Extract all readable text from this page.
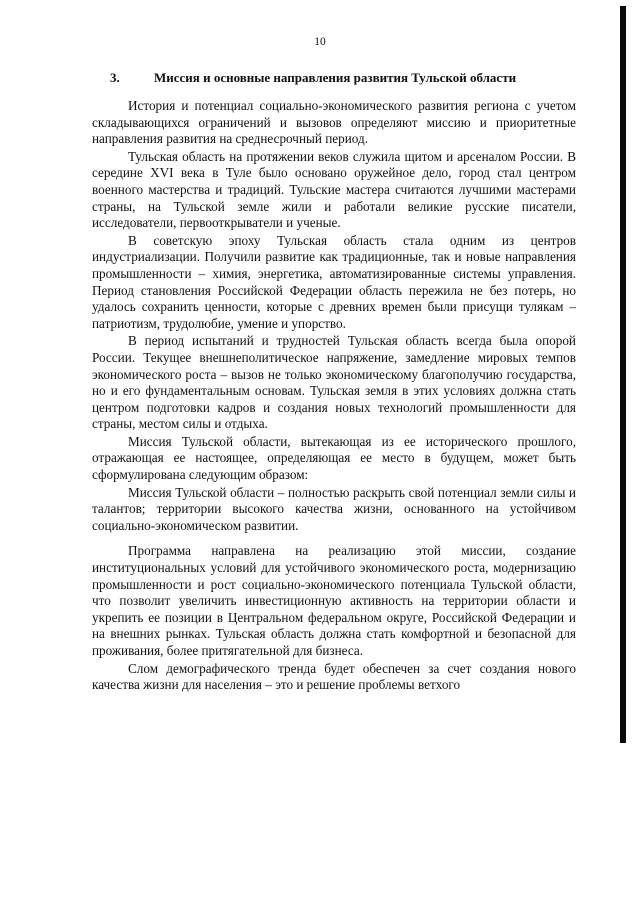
10
3.	Миссия и основные направления развития Тульской области

История и потенциал социально-экономического развития региона с учетом складывающихся ограничений и вызовов определяют миссию и приоритетные направления развития на среднесрочный период.

Тульская область на протяжении веков служила щитом и арсеналом России. В середине XVI века в Туле было основано оружейное дело, город стал центром военного мастерства и традиций. Тульские мастера считаются лучшими мастерами страны, на Тульской земле жили и работали великие русские писатели, исследователи, первооткрыватели и ученые.

В советскую эпоху Тульская область стала одним из центров индустриализации. Получили развитие как традиционные, так и новые направления промышленности – химия, энергетика, автоматизированные системы управления. Период становления Российской Федерации область пережила не без потерь, но удалось сохранить ценности, которые с древних времен были присущи тулякам – патриотизм, трудолюбие, умение и упорство.

В период испытаний и трудностей Тульская область всегда была опорой России. Текущее внешнеполитическое напряжение, замедление мировых темпов экономического роста – вызов не только экономическому благополучию государства, но и его фундаментальным основам. Тульская земля в этих условиях должна стать центром подготовки кадров и создания новых технологий промышленности для страны, местом силы и отдыха.

Миссия Тульской области, вытекающая из ее исторического прошлого, отражающая ее настоящее, определяющая ее место в будущем, может быть сформулирована следующим образом:

Миссия Тульской области – полностью раскрыть свой потенциал земли силы и талантов; территории высокого качества жизни, основанного на устойчивом социально-экономическом развитии.

Программа направлена на реализацию этой миссии, создание институциональных условий для устойчивого экономического роста, модернизацию промышленности и рост социально-экономического потенциала Тульской области, что позволит увеличить инвестиционную активность на территории области и укрепить ее позиции в Центральном федеральном округе, Российской Федерации и на внешних рынках. Тульская область должна стать комфортной и безопасной для проживания, более притягательной для бизнеса.

Слом демографического тренда будет обеспечен за счет создания нового качества жизни для населения – это и решение проблемы ветхого
